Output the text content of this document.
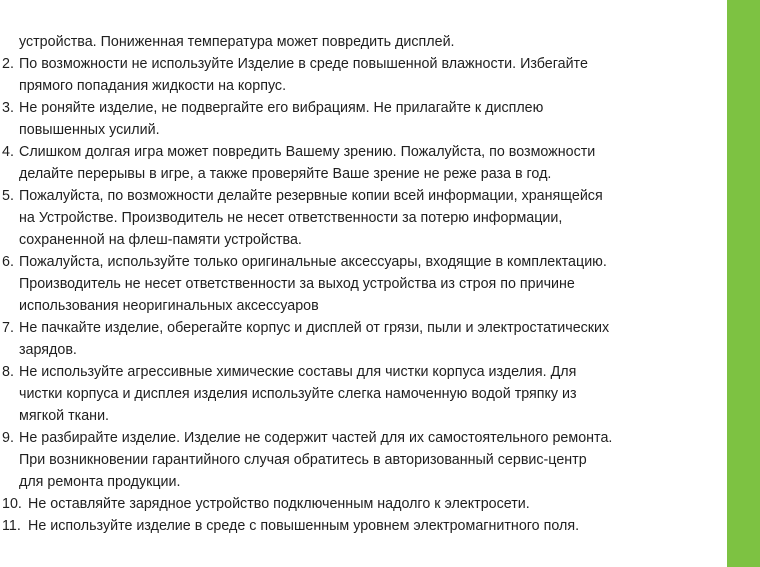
устройства. Пониженная температура может повредить дисплей.

2. По возможности не используйте Изделие в среде повышенной влажности. Избегайте
прямого попадания жидкости на корпус.
3. Не роняйте изделие, не подвергайте его вибрациям. Не прилагайте к дисплею
повышенных усилий.
4. Слишком долгая игра может повредить Вашему зрению. Пожалуйста, по возможности
делайте перерывы в игре, а также проверяйте Ваше зрение не реже раза в год.
5. Пожалуйста, по возможности делайте резервные копии всей информации, хранящейся
на Устройстве. Производитель не несет ответственности за потерю информации,
сохраненной на флеш-памяти устройства.
6. Пожалуйста, используйте только оригинальные аксессуары, входящие в комплектацию.
Производитель не несет ответственности за выход устройства из строя по причине
использования неоригинальных аксессуаров
7. Не пачкайте изделие, оберегайте корпус и дисплей от грязи, пыли и электростатических
зарядов.
8. Не используйте агрессивные химические составы для чистки корпуса изделия. Для
чистки корпуса и дисплея изделия используйте слегка намоченную водой тряпку из
мягкой ткани.
9. Не разбирайте изделие. Изделие не содержит частей для их самостоятельного ремонта.
При возникновении гарантийного случая обратитесь в авторизованный сервис-центр
для ремонта продукции.
10. Не оставляйте зарядное устройство подключенным надолго к электросети.
11. Не используйте изделие в среде с повышенным уровнем электромагнитного поля.
